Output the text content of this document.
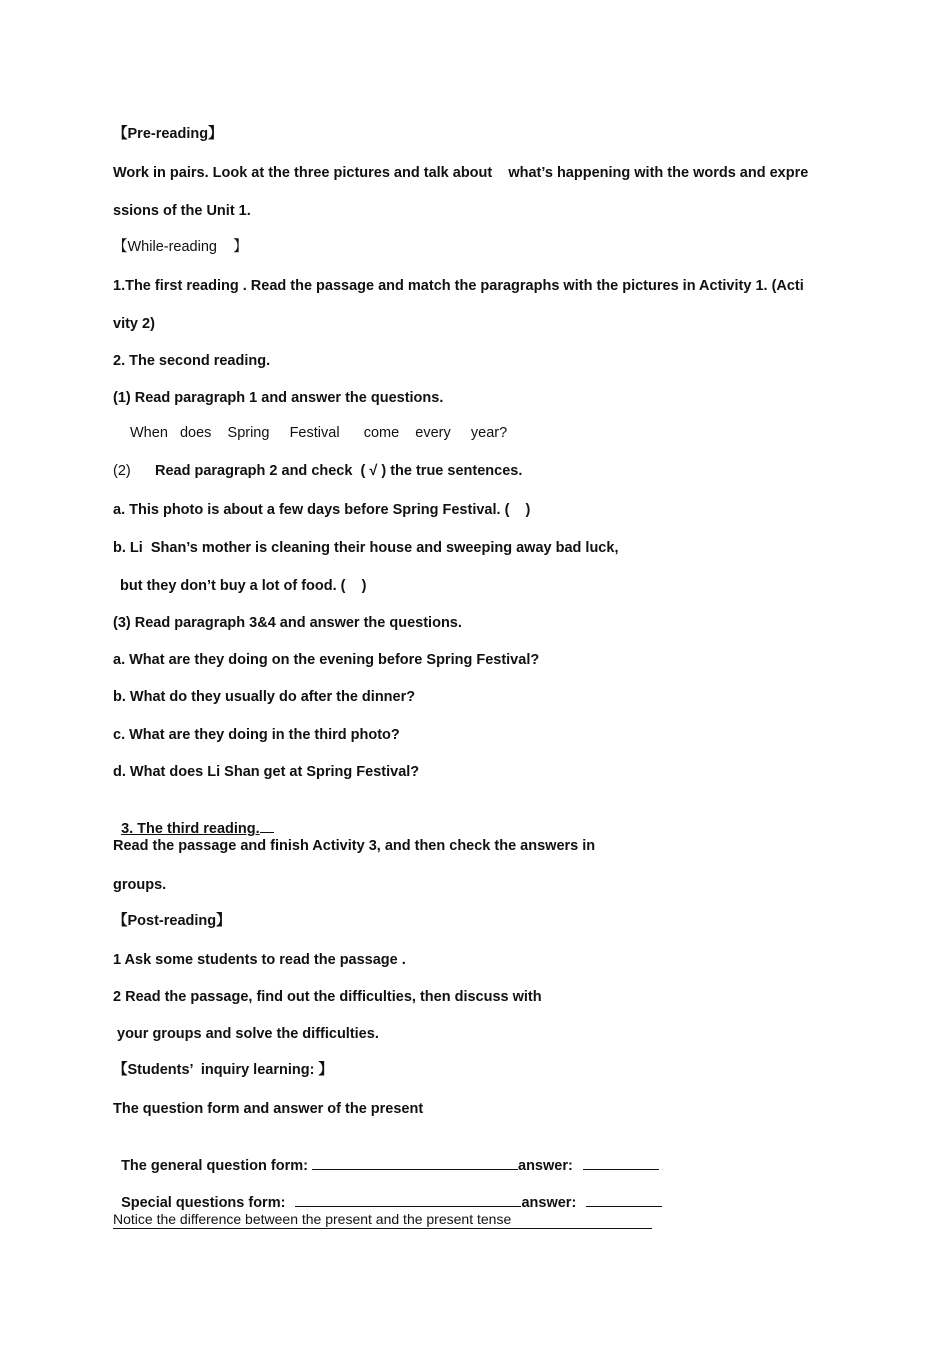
【Pre-reading】
Work in pairs. Look at the three pictures and talk about    what’s happening with the words and expre
ssions of the Unit 1.
【While-reading    】
1.The first reading . Read the passage and match the paragraphs with the pictures in Activity 1. (Acti
vity 2)
2. The second reading.
(1) Read paragraph 1 and answer the questions.
When   does    Spring     Festival      come    every     year?
(2) Read paragraph 2 and check  ( √ ) the true sentences.
a. This photo is about a few days before Spring Festival. (    )
b. Li  Shan’s mother is cleaning their house and sweeping away bad luck,
but they don’t buy a lot of food. (    )
(3) Read paragraph 3&4 and answer the questions.
a. What are they doing on the evening before Spring Festival?
b. What do they usually do after the dinner?
c. What are they doing in the third photo?
d. What does Li Shan get at Spring Festival?

3. The third reading.

Read the passage and finish Activity 3, and then check the answers in
groups.
【Post-reading】
1 Ask some students to read the passage .
2 Read the passage, find out the difficulties, then discuss with
your groups and solve the difficulties.
【Students’  inquiry learning: 】
The question form and answer of the present

The general question form:	answer:

Special questions form:	answer:

Notice the difference between the present and the present tense
